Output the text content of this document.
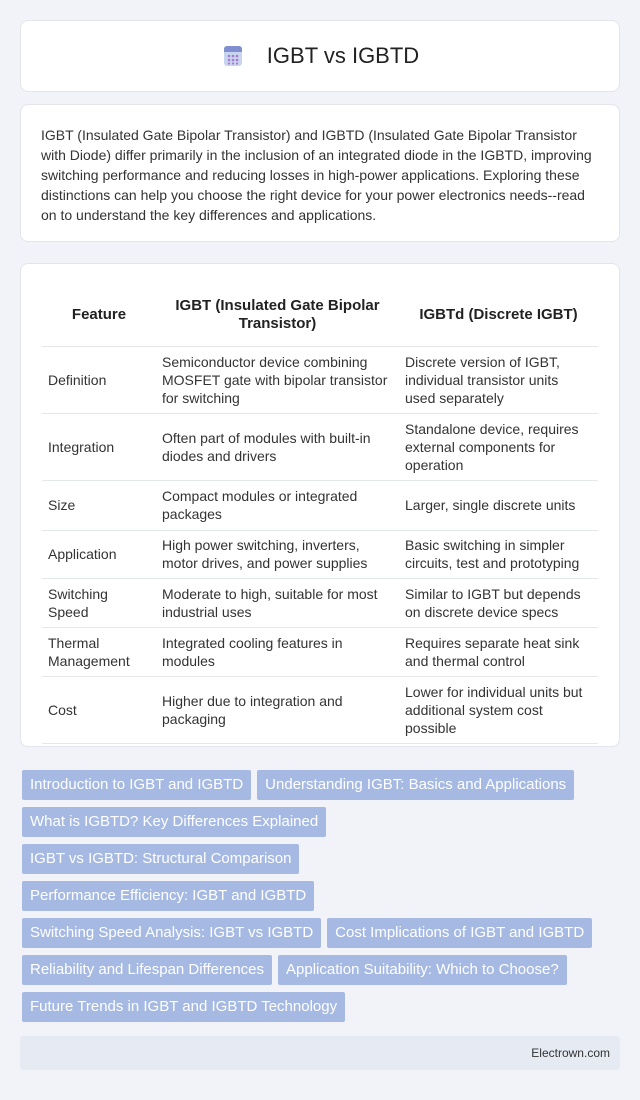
IGBT vs IGBTD

IGBT (Insulated Gate Bipolar Transistor) and IGBTD (Insulated Gate Bipolar Transistor with Diode) differ primarily in the inclusion of an integrated diode in the IGBTD, improving switching performance and reducing losses in high-power applications. Exploring these distinctions can help you choose the right device for your power electronics needs--read on to understand the key differences and applications.

Feature	IGBT (Insulated Gate Bipolar Transistor)	IGBTd (Discrete IGBT)
Definition	Semiconductor device combining MOSFET gate with bipolar transistor for switching	Discrete version of IGBT, individual transistor units used separately
Integration	Often part of modules with built-in diodes and drivers	Standalone device, requires external components for operation
Size	Compact modules or integrated packages	Larger, single discrete units
Application	High power switching, inverters, motor drives, and power supplies	Basic switching in simpler circuits, test and prototyping
Switching Speed	Moderate to high, suitable for most industrial uses	Similar to IGBT but depends on discrete device specs
Thermal Management	Integrated cooling features in modules	Requires separate heat sink and thermal control
Cost	Higher due to integration and packaging	Lower for individual units but additional system cost possible
Introduction to IGBT and IGBTD Understanding IGBT: Basics and Applications
What is IGBTD? Key Differences Explained
IGBT vs IGBTD: Structural Comparison
Performance Efficiency: IGBT and IGBTD
Switching Speed Analysis: IGBT vs IGBTD Cost Implications of IGBT and IGBTD
Reliability and Lifespan Differences Application Suitability: Which to Choose?
Future Trends in IGBT and IGBTD Technology
Electrown.com
